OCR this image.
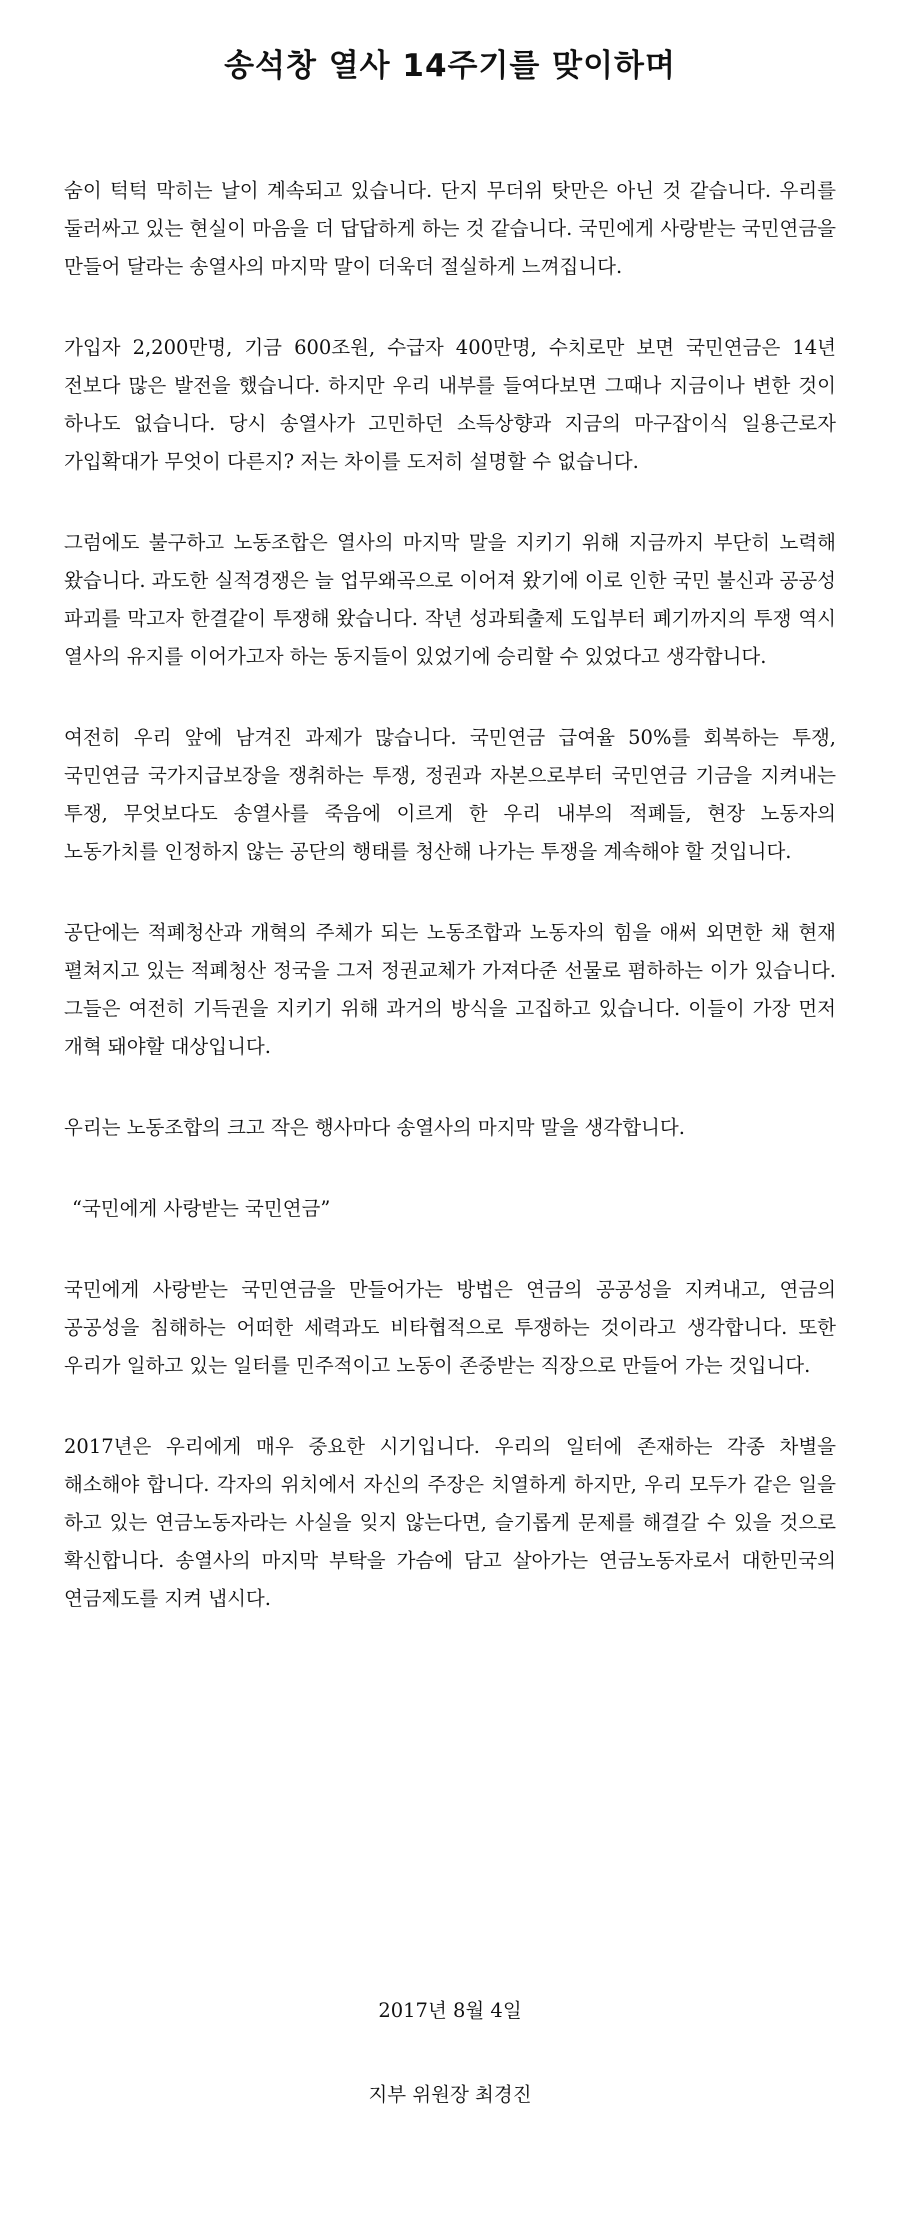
송석창 열사 14주기를 맞이하며

숨이 턱턱 막히는 날이 계속되고 있습니다. 단지 무더위 탓만은 아닌 것 같습니다. 우리를 둘러싸고 있는 현실이 마음을 더 답답하게 하는 것 같습니다. 국민에게 사랑받는 국민연금을 만들어 달라는 송열사의 마지막 말이 더욱더 절실하게 느껴집니다.

가입자 2,200만명, 기금 600조원, 수급자 400만명, 수치로만 보면 국민연금은 14년 전보다 많은 발전을 했습니다. 하지만 우리 내부를 들여다보면 그때나 지금이나 변한 것이 하나도 없습니다. 당시 송열사가 고민하던 소득상향과 지금의 마구잡이식 일용근로자 가입확대가 무엇이 다른지? 저는 차이를 도저히 설명할 수 없습니다.

그럼에도 불구하고 노동조합은 열사의 마지막 말을 지키기 위해 지금까지 부단히 노력해 왔습니다. 과도한 실적경쟁은 늘 업무왜곡으로 이어져 왔기에 이로 인한 국민 불신과 공공성 파괴를 막고자 한결같이 투쟁해 왔습니다. 작년 성과퇴출제 도입부터 폐기까지의 투쟁 역시 열사의 유지를 이어가고자 하는 동지들이 있었기에 승리할 수 있었다고 생각합니다.

여전히 우리 앞에 남겨진 과제가 많습니다. 국민연금 급여율 50%를 회복하는 투쟁, 국민연금 국가지급보장을 쟁취하는 투쟁, 정권과 자본으로부터 국민연금 기금을 지켜내는 투쟁, 무엇보다도 송열사를 죽음에 이르게 한 우리 내부의 적폐들, 현장 노동자의 노동가치를 인정하지 않는 공단의 행태를 청산해 나가는 투쟁을 계속해야 할 것입니다.

공단에는 적폐청산과 개혁의 주체가 되는 노동조합과 노동자의 힘을 애써 외면한 채 현재 펼쳐지고 있는 적폐청산 정국을 그저 정권교체가 가져다준 선물로 폄하하는 이가 있습니다. 그들은 여전히 기득권을 지키기 위해 과거의 방식을 고집하고 있습니다. 이들이 가장 먼저 개혁 돼야할 대상입니다.

우리는 노동조합의 크고 작은 행사마다 송열사의 마지막 말을 생각합니다.

“국민에게 사랑받는 국민연금”

국민에게 사랑받는 국민연금을 만들어가는 방법은 연금의 공공성을 지켜내고, 연금의 공공성을 침해하는 어떠한 세력과도 비타협적으로 투쟁하는 것이라고 생각합니다. 또한 우리가 일하고 있는 일터를 민주적이고 노동이 존중받는 직장으로 만들어 가는 것입니다.

2017년은 우리에게 매우 중요한 시기입니다. 우리의 일터에 존재하는 각종 차별을 해소해야 합니다. 각자의 위치에서 자신의 주장은 치열하게 하지만, 우리 모두가 같은 일을 하고 있는 연금노동자라는 사실을 잊지 않는다면, 슬기롭게 문제를 해결갈 수 있을 것으로 확신합니다. 송열사의 마지막 부탁을 가슴에 담고 살아가는 연금노동자로서 대한민국의 연금제도를 지켜 냅시다.

2017년 8월 4일
지부 위원장 최경진
